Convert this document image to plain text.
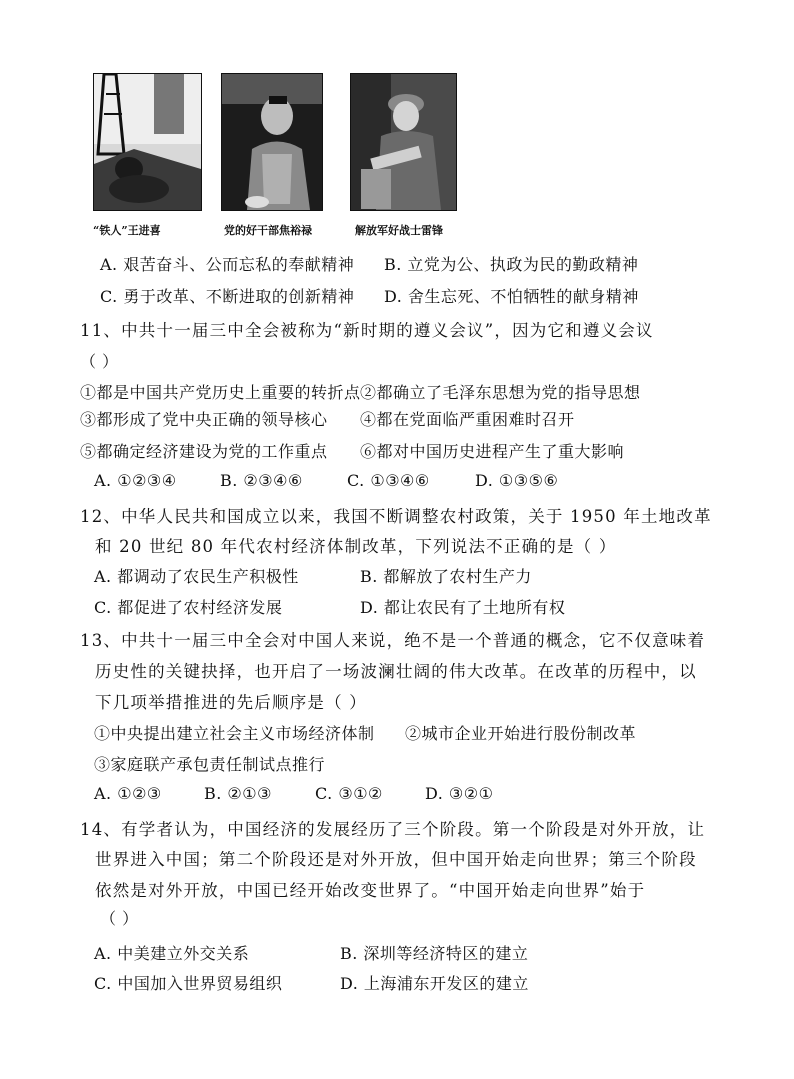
“铁人”王进喜	党的好干部焦裕禄	解放军好战士雷锋
A. 艰苦奋斗、公而忘私的奉献精神 B. 立党为公、执政为民的勤政精神
C. 勇于改革、不断进取的创新精神 D. 舍生忘死、不怕牺牲的献身精神
11、中共十一届三中全会被称为“新时期的遵义会议”，因为它和遵义会议
（ ）
①都是中国共产党历史上重要的转折点 ②都确立了毛泽东思想为党的指导思想
③都形成了党中央正确的领导核心 ④都在党面临严重困难时召开
⑤都确定经济建设为党的工作重点 ⑥都对中国历史进程产生了重大影响
A. ①②③④	B. ②③④⑥	C. ①③④⑥	D. ①③⑤⑥
12、中华人民共和国成立以来，我国不断调整农村政策，关于 1950 年土地改革
和 20 世纪 80 年代农村经济体制改革，下列说法不正确的是（ ）
A. 都调动了农民生产积极性	B. 都解放了农村生产力
C. 都促进了农村经济发展	D. 都让农民有了土地所有权
13、中共十一届三中全会对中国人来说，绝不是一个普通的概念，它不仅意味着
历史性的关键抉择，也开启了一场波澜壮阔的伟大改革。在改革的历程中，以
下几项举措推进的先后顺序是（ ）
①中央提出建立社会主义市场经济体制 ②城市企业开始进行股份制改革
③家庭联产承包责任制试点推行
A. ①②③	B. ②①③	C. ③①②	D. ③②①
14、有学者认为，中国经济的发展经历了三个阶段。第一个阶段是对外开放，让
世界进入中国；第二个阶段还是对外开放，但中国开始走向世界；第三个阶段
依然是对外开放，中国已经开始改变世界了。“中国开始走向世界”始于
（ ）
A. 中美建立外交关系	B. 深圳等经济特区的建立
C. 中国加入世界贸易组织	D. 上海浦东开发区的建立
